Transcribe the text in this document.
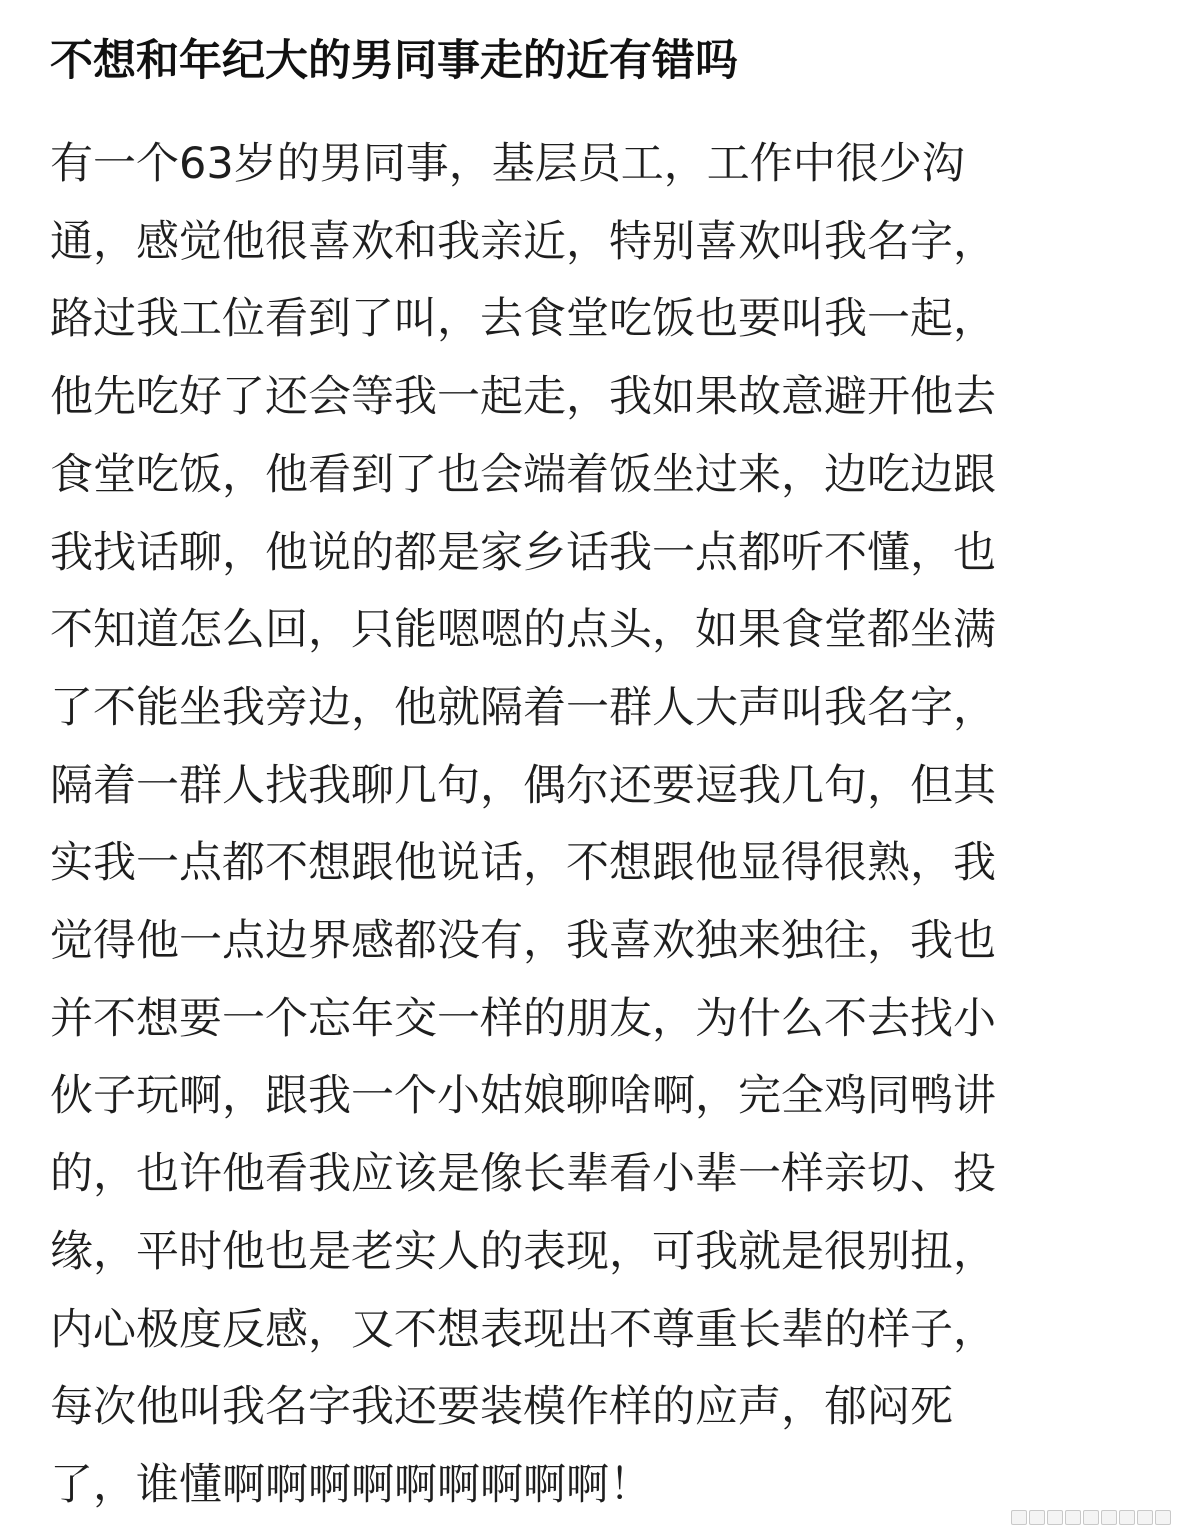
不想和年纪大的男同事走的近有错吗
有一个63岁的男同事，基层员工，工作中很少沟
通，感觉他很喜欢和我亲近，特别喜欢叫我名字，
路过我工位看到了叫，去食堂吃饭也要叫我一起，
他先吃好了还会等我一起走，我如果故意避开他去
食堂吃饭，他看到了也会端着饭坐过来，边吃边跟
我找话聊，他说的都是家乡话我一点都听不懂，也
不知道怎么回，只能嗯嗯的点头，如果食堂都坐满
了不能坐我旁边，他就隔着一群人大声叫我名字，
隔着一群人找我聊几句，偶尔还要逗我几句，但其
实我一点都不想跟他说话，不想跟他显得很熟，我
觉得他一点边界感都没有，我喜欢独来独往，我也
并不想要一个忘年交一样的朋友，为什么不去找小
伙子玩啊，跟我一个小姑娘聊啥啊，完全鸡同鸭讲
的，也许他看我应该是像长辈看小辈一样亲切、投
缘，平时他也是老实人的表现，可我就是很别扭，
内心极度反感，又不想表现出不尊重长辈的样子，
每次他叫我名字我还要装模作样的应声，郁闷死
了，谁懂啊啊啊啊啊啊啊啊啊！
